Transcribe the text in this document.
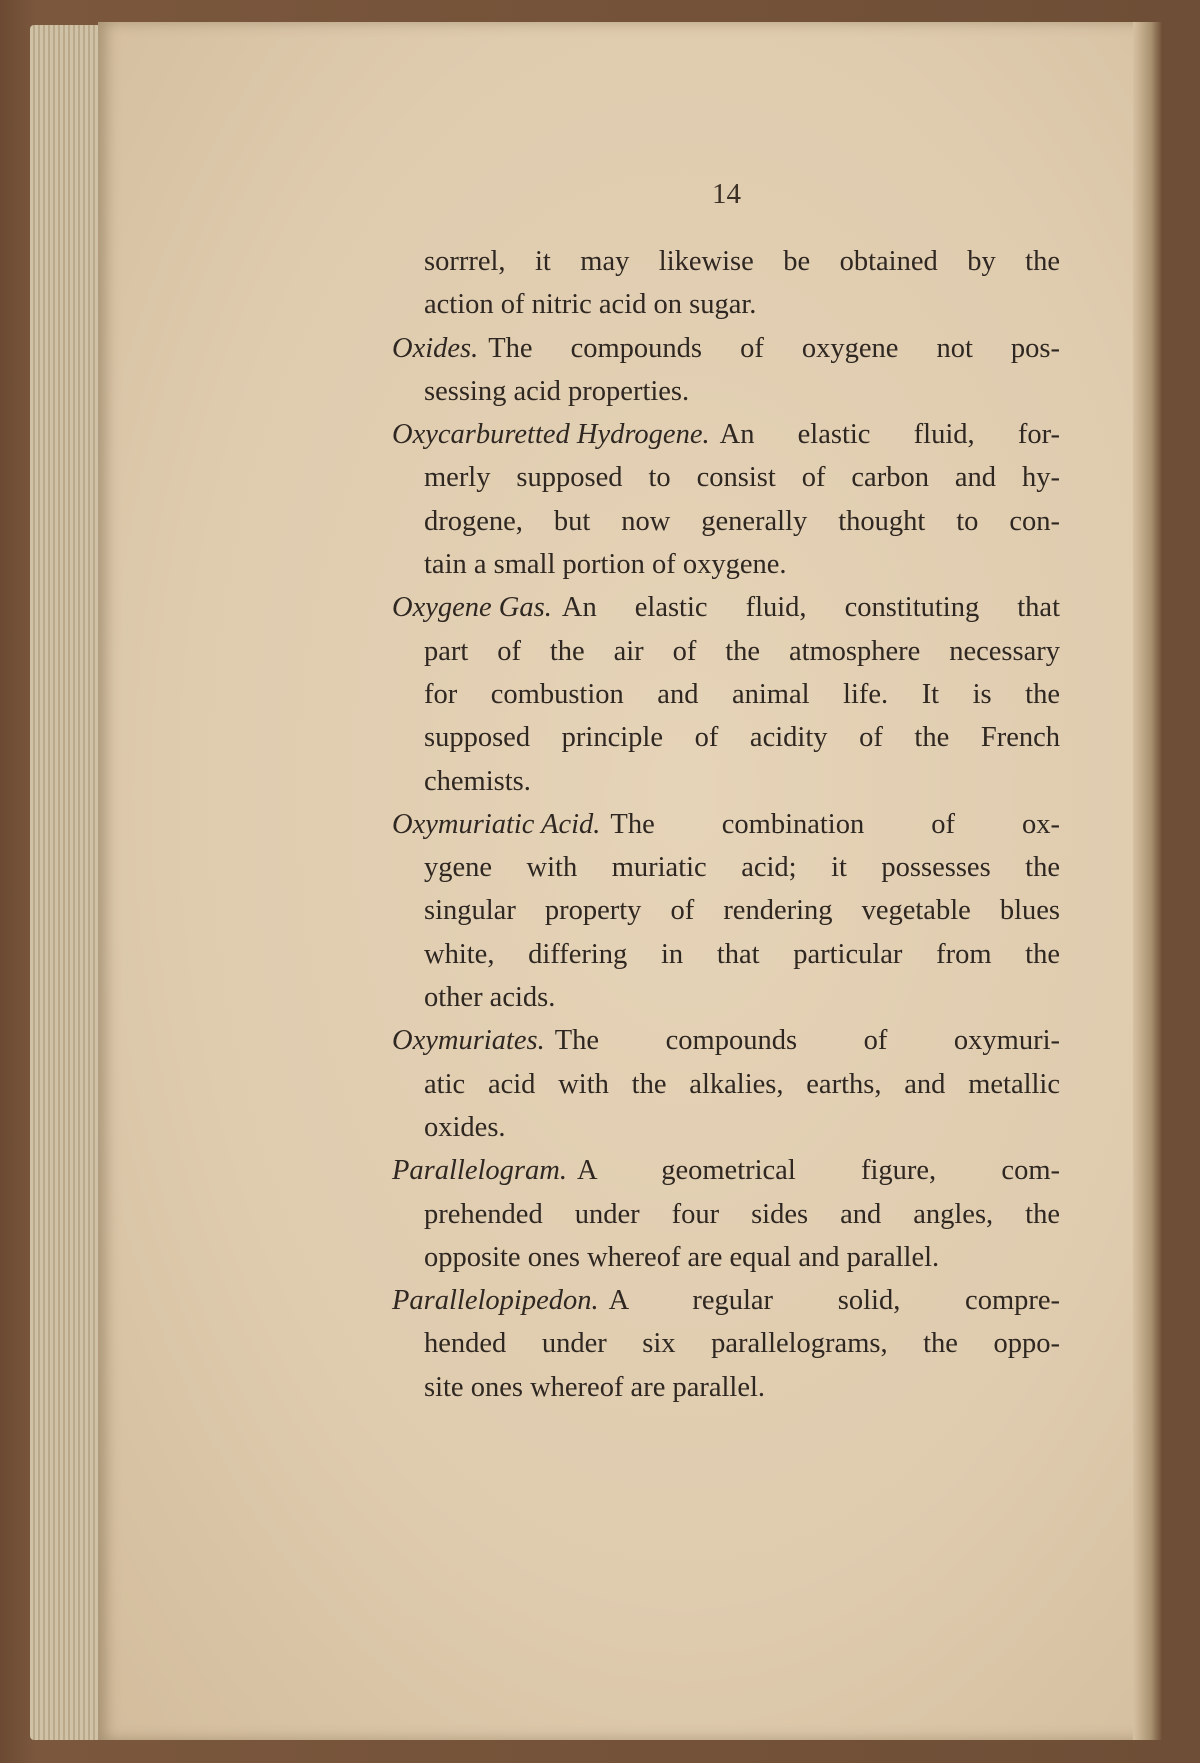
14
sorrrel, it may likewise be obtained by the
action of nitric acid on sugar.
Oxides. The compounds of oxygene not pos-
sessing acid properties.
Oxycarburetted Hydrogene. An elastic fluid, for-
merly supposed to consist of carbon and hy-
drogene, but now generally thought to con-
tain a small portion of oxygene.
Oxygene Gas. An elastic fluid, constituting that
part of the air of the atmosphere necessary
for combustion and animal life. It is the
supposed principle of acidity of the French
chemists.
Oxymuriatic Acid. The combination of ox-
ygene with muriatic acid; it possesses the
singular property of rendering vegetable blues
white, differing in that particular from the
other acids.
Oxymuriates. The compounds of oxymuri-
atic acid with the alkalies, earths, and metallic
oxides.
Parallelogram. A geometrical figure, com-
prehended under four sides and angles, the
opposite ones whereof are equal and parallel.
Parallelopipedon. A regular solid, compre-
hended under six parallelograms, the oppo-
site ones whereof are parallel.
